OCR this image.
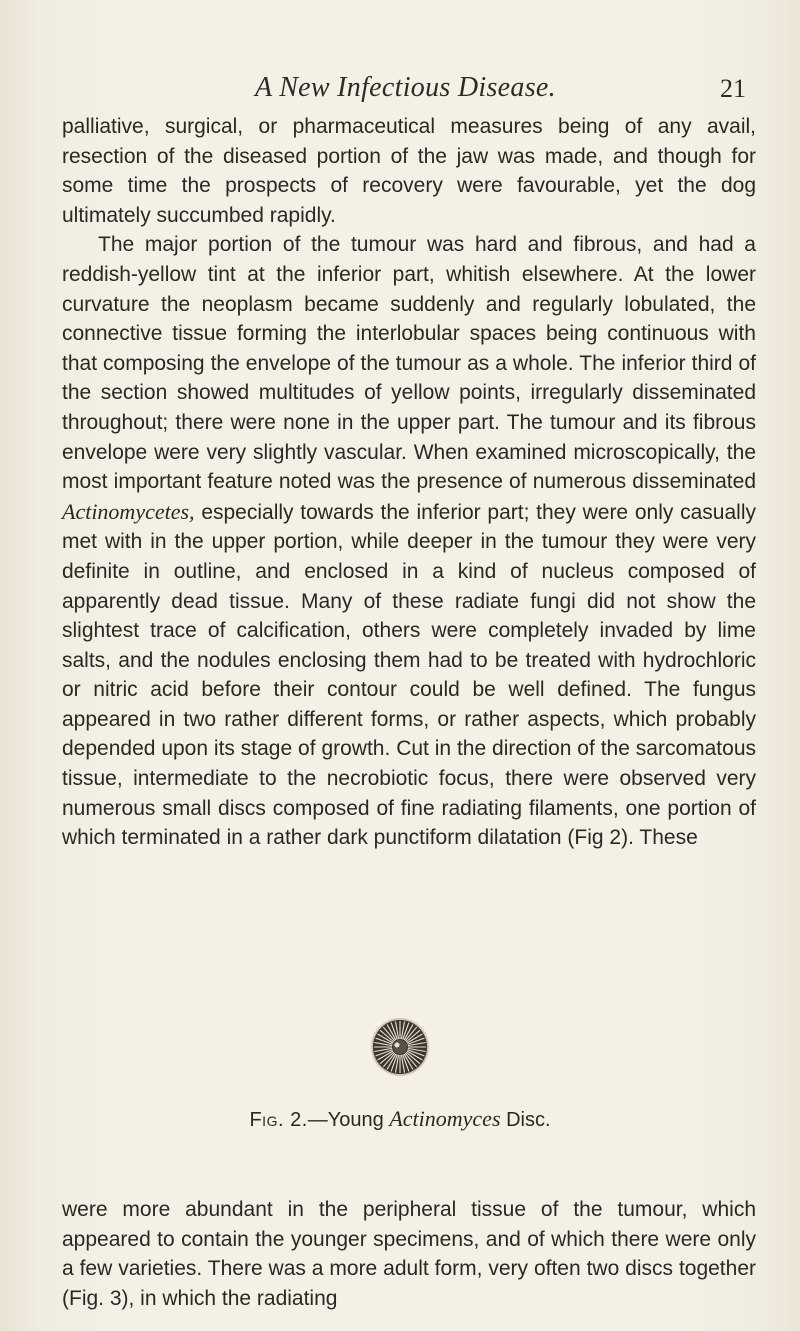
A New Infectious Disease.	21

palliative, surgical, or pharmaceutical measures being of any avail, resection of the diseased portion of the jaw was made, and though for some time the prospects of recovery were favourable, yet the dog ultimately succumbed rapidly.

The major portion of the tumour was hard and fibrous, and had a reddish-yellow tint at the inferior part, whitish elsewhere. At the lower curvature the neoplasm became suddenly and regularly lobulated, the connective tissue forming the interlobular spaces being continuous with that composing the envelope of the tumour as a whole. The inferior third of the section showed multitudes of yellow points, irregularly disseminated throughout; there were none in the upper part. The tumour and its fibrous envelope were very slightly vascular. When examined microscopically, the most important feature noted was the presence of numerous disseminated Actinomycetes, especially towards the inferior part; they were only casually met with in the upper portion, while deeper in the tumour they were very definite in outline, and enclosed in a kind of nucleus composed of apparently dead tissue. Many of these radiate fungi did not show the slightest trace of calcification, others were completely invaded by lime salts, and the nodules enclosing them had to be treated with hydrochloric or nitric acid before their contour could be well defined. The fungus appeared in two rather different forms, or rather aspects, which probably depended upon its stage of growth. Cut in the direction of the sarcomatous tissue, intermediate to the necrobiotic focus, there were observed very numerous small discs composed of fine radiating filaments, one portion of which terminated in a rather dark punctiform dilatation (Fig 2). These

Fig. 2.—Young Actinomyces Disc.

were more abundant in the peripheral tissue of the tumour, which appeared to contain the younger specimens, and of which there were only a few varieties. There was a more adult form, very often two discs together (Fig. 3), in which the radiating
